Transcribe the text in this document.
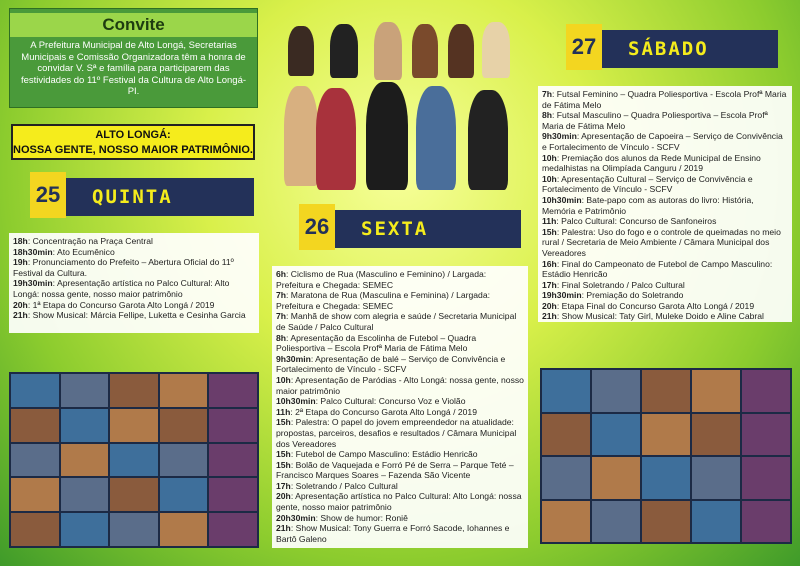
Convite
A Prefeitura Municipal de Alto Longá, Secretarias Municipais e Comissão Organizadora têm a honra de convidar V. Sª e família para participarem das festividades do 11º Festival da Cultura de Alto Longá-PI.
ALTO LONGÁ:
NOSSA GENTE, NOSSO MAIOR PATRIMÔNIO.
25	QUINTA

18h: Concentração na Praça Central

18h30min: Ato Ecumênico

19h: Pronunciamento do Prefeito – Abertura Oficial do 11º Festival da Cultura.

19h30min: Apresentação artística no Palco Cultural: Alto Longá: nossa gente, nosso maior patrimônio

20h: 1ª Etapa do Concurso Garota Alto Longá / 2019

21h: Show Musical: Márcia Fellipe, Luketta e Cesinha Garcia

26	SEXTA

6h: Ciclismo de Rua (Masculino e Feminino) / Largada: Prefeitura e Chegada: SEMEC

7h: Maratona de Rua (Masculina e Feminina) / Largada: Prefeitura e Chegada: SEMEC

7h: Manhã de show com alegria e saúde / Secretaria Municipal de Saúde / Palco Cultural

8h: Apresentação da Escolinha de Futebol – Quadra Poliesportiva – Escola Profª Maria de Fátima Melo

9h30min: Apresentação de balé – Serviço de Convivência e Fortalecimento de Vínculo - SCFV

10h: Apresentação de Paródias - Alto Longá: nossa gente, nosso maior patrimônio

10h30min: Palco Cultural: Concurso Voz e Violão

11h: 2ª Etapa do Concurso Garota Alto Longá / 2019

15h: Palestra: O papel do jovem empreendedor na atualidade: propostas, parceiros, desafios e resultados / Câmara Municipal dos Vereadores

15h: Futebol de Campo Masculino: Estádio Henricão

15h: Bolão de Vaquejada e Forró Pé de Serra – Parque Teté – Francisco Marques Soares – Fazenda São Vicente

17h: Soletrando / Palco Cultural

20h: Apresentação artística no Palco Cultural: Alto Longá: nossa gente, nosso maior patrimônio

20h30min: Show de humor: Roniê

21h: Show Musical: Tony Guerra e Forró Sacode, Iohannes e Bartô Galeno

27	SÁBADO

7h: Futsal Feminino – Quadra Poliesportiva - Escola Profª Maria de Fátima Melo

8h: Futsal Masculino – Quadra Poliesportiva – Escola Profª Maria de Fátima Melo

9h30min: Apresentação de Capoeira – Serviço de Convivência e Fortalecimento de Vínculo - SCFV

10h: Premiação dos alunos da Rede Municipal de Ensino medalhistas na Olimpíada Canguru / 2019

10h: Apresentação Cultural – Serviço de Convivência e Fortalecimento de Vínculo - SCFV

10h30min: Bate-papo com as autoras do livro: História, Memória e Patrimônio

11h: Palco Cultural: Concurso de Sanfoneiros

15h: Palestra: Uso do fogo e o controle de queimadas no meio rural / Secretaria de Meio Ambiente / Câmara Municipal dos Vereadores

16h: Final do Campeonato de Futebol de Campo Masculino: Estádio Henricão

17h: Final Soletrando / Palco Cultural

19h30min: Premiação do Soletrando

20h: Etapa Final do Concurso Garota Alto Longá / 2019

21h: Show Musical: Taty Girl, Muleke Doido e Aline Cabral
